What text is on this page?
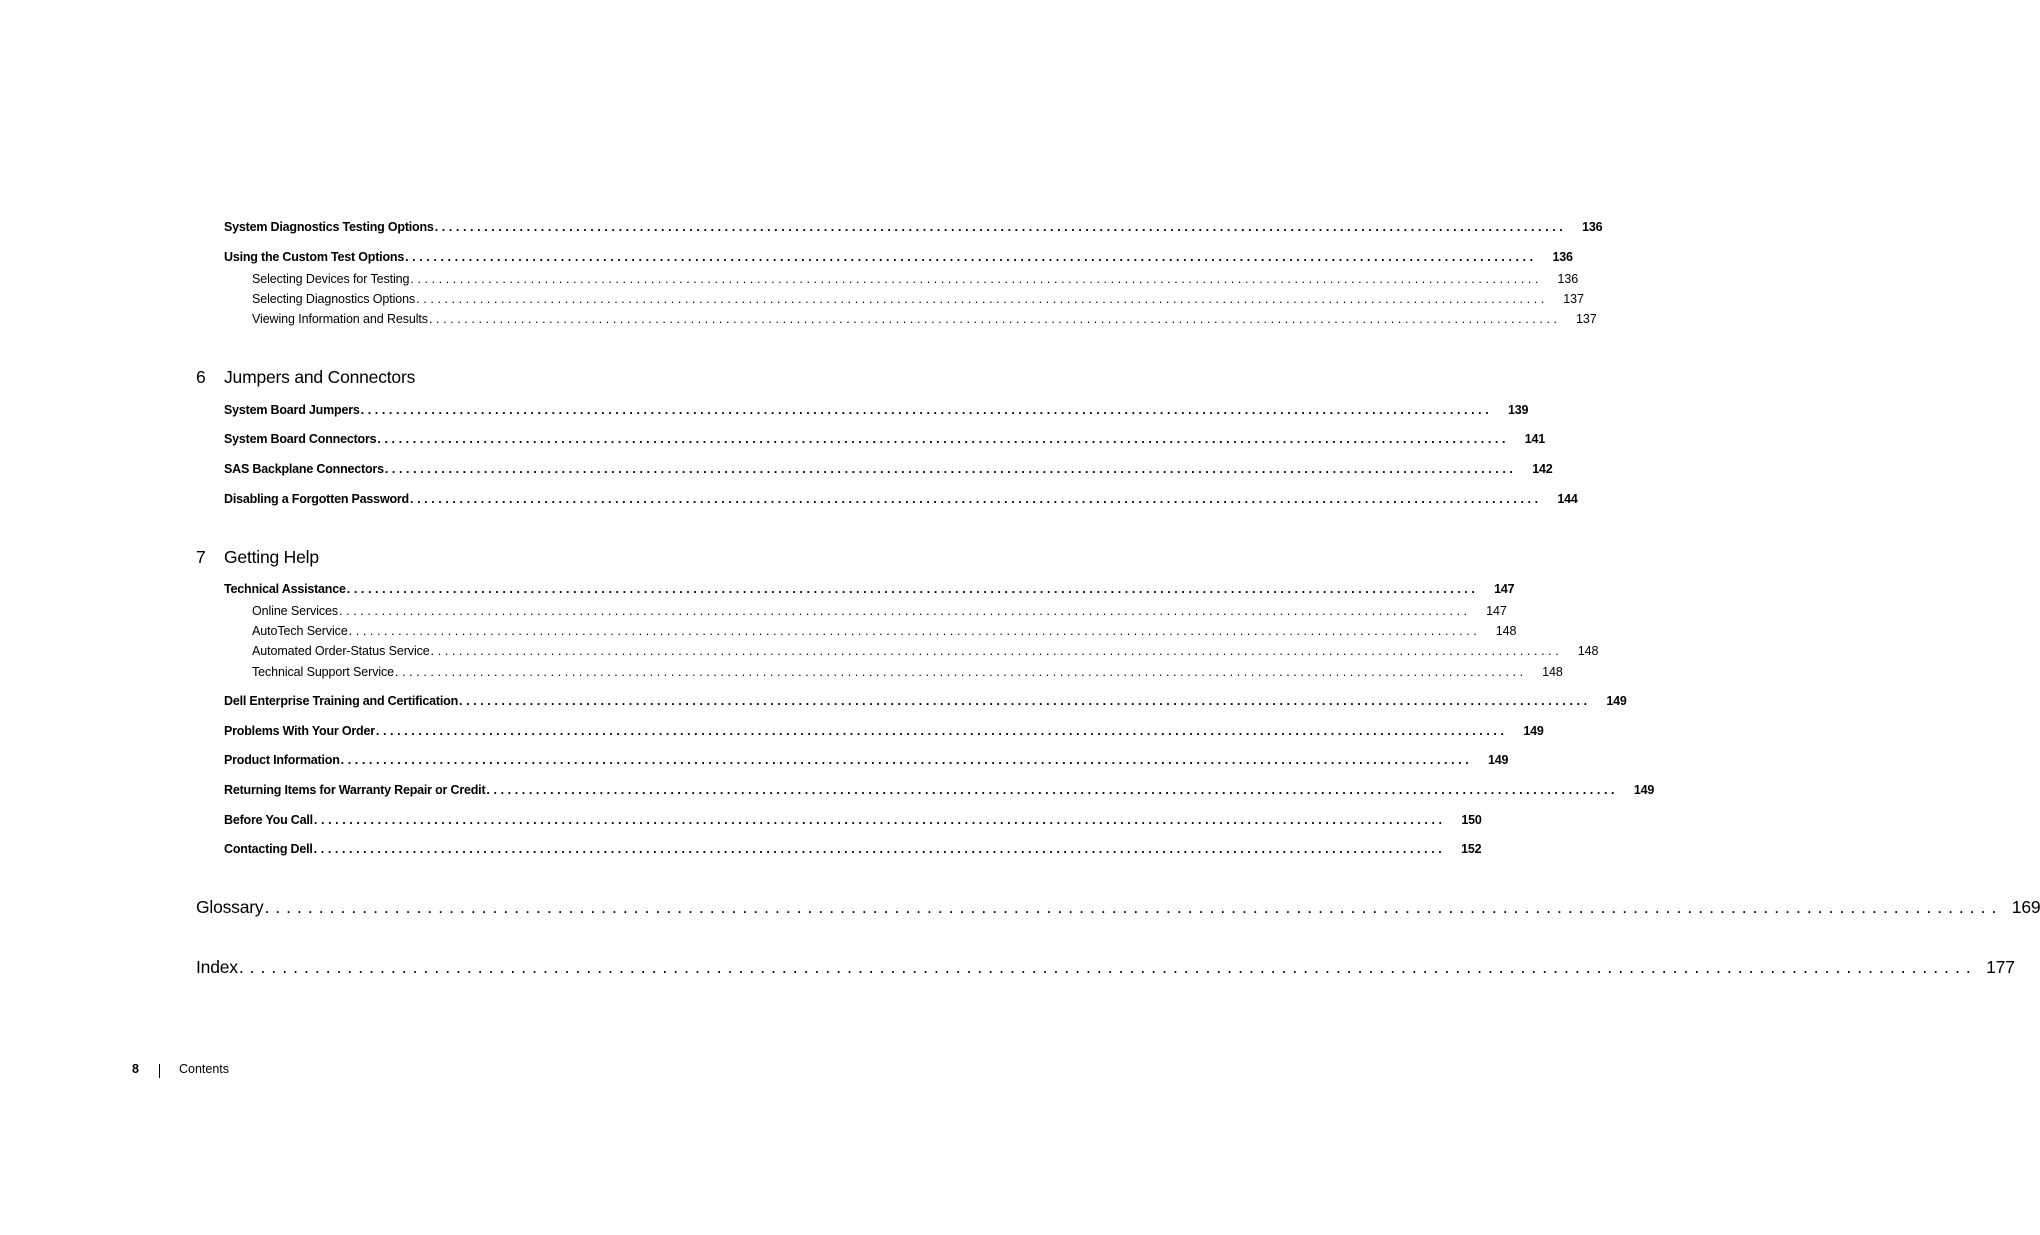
System Diagnostics Testing Options ................................................................................................................................................................	136
Using the Custom Test Options ................................................................................................................................................................	136
Selecting Devices for Testing ................................................................................................................................................................	136
Selecting Diagnostics Options ................................................................................................................................................................	137
Viewing Information and Results ................................................................................................................................................................	137
6 Jumpers and Connectors
System Board Jumpers ................................................................................................................................................................	139
System Board Connectors ................................................................................................................................................................	141
SAS Backplane Connectors ................................................................................................................................................................	142
Disabling a Forgotten Password ................................................................................................................................................................	144
7 Getting Help
Technical Assistance ................................................................................................................................................................	147
Online Services ................................................................................................................................................................	147
AutoTech Service ................................................................................................................................................................	148
Automated Order-Status Service ................................................................................................................................................................	148
Technical Support Service ................................................................................................................................................................	148
Dell Enterprise Training and Certification ................................................................................................................................................................	149
Problems With Your Order ................................................................................................................................................................	149
Product Information ................................................................................................................................................................	149
Returning Items for Warranty Repair or Credit ................................................................................................................................................................	149
Before You Call ................................................................................................................................................................	150
Contacting Dell ................................................................................................................................................................	152
Glossary ................................................................................................................................................................ 169
Index ................................................................................................................................................................ 177
8	Contents
